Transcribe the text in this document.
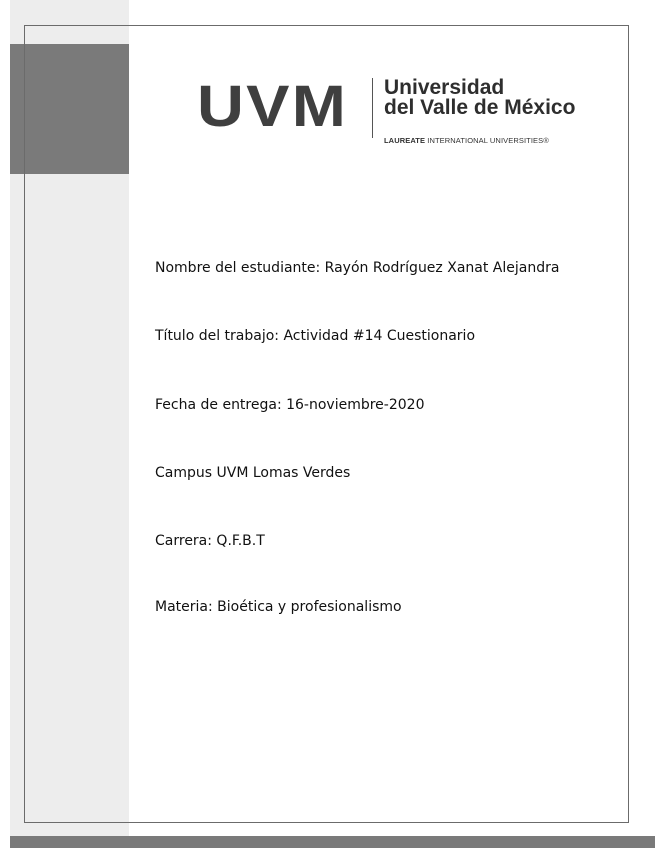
UVM Universidad
del Valle de México
LAUREATE INTERNATIONAL UNIVERSITIES®
Nombre del estudiante: Rayón Rodríguez Xanat Alejandra
Título del trabajo: Actividad #14 Cuestionario
Fecha de entrega: 16-noviembre-2020
Campus UVM Lomas Verdes
Carrera: Q.F.B.T
Materia: Bioética y profesionalismo
